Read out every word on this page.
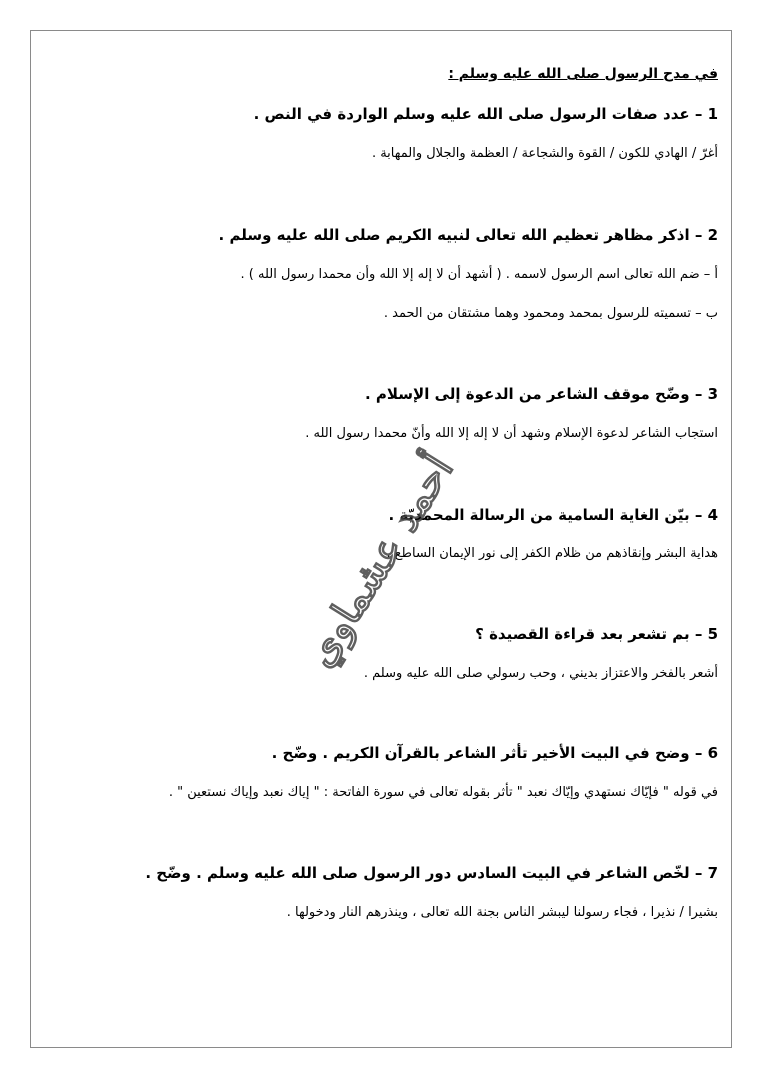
في مدح الرسول صلى الله عليه وسلم :
1 – عدد صفات الرسول صلى الله عليه وسلم الواردة في النص .
أغرّ / الهادي للكون / القوة والشجاعة / العظمة والجلال والمهابة .
2 – اذكر مظاهر تعظيم الله تعالى لنبيه الكريم صلى الله عليه وسلم .
أ – ضم الله تعالى اسم الرسول لاسمه . ( أشهد أن لا إله إلا الله وأن محمدا رسول الله ) .
ب – تسميته للرسول بمحمد ومحمود وهما مشتقان من الحمد .
3 – وضّح موقف الشاعر من الدعوة إلى الإسلام .
استجاب الشاعر لدعوة الإسلام وشهد أن لا إله إلا الله وأنّ محمدا رسول الله .
4 – بيّن الغاية السامية من الرسالة المحمديّة .
هداية البشر وإنقاذهم من ظلام الكفر إلى نور الإيمان الساطع .
5 – بم تشعر بعد قراءة القصيدة ؟
أشعر بالفخر والاعتزاز بديني ، وحب رسولي صلى الله عليه وسلم .
6 – وضح في البيت الأخير تأثر الشاعر بالقرآن الكريم . وضّح .
في قوله " فإيّاك نستهدي وإيّاك نعبد " تأثر بقوله تعالى في سورة الفاتحة : " إياك نعبد وإياك نستعين " .
7 – لخّص الشاعر في البيت السادس دور الرسول صلى الله عليه وسلم . وضّح .
بشيرا / نذيرا ، فجاء رسولنا ليبشر الناس بجنة الله تعالى ، وينذرهم النار ودخولها .
أحمد عشماوي
